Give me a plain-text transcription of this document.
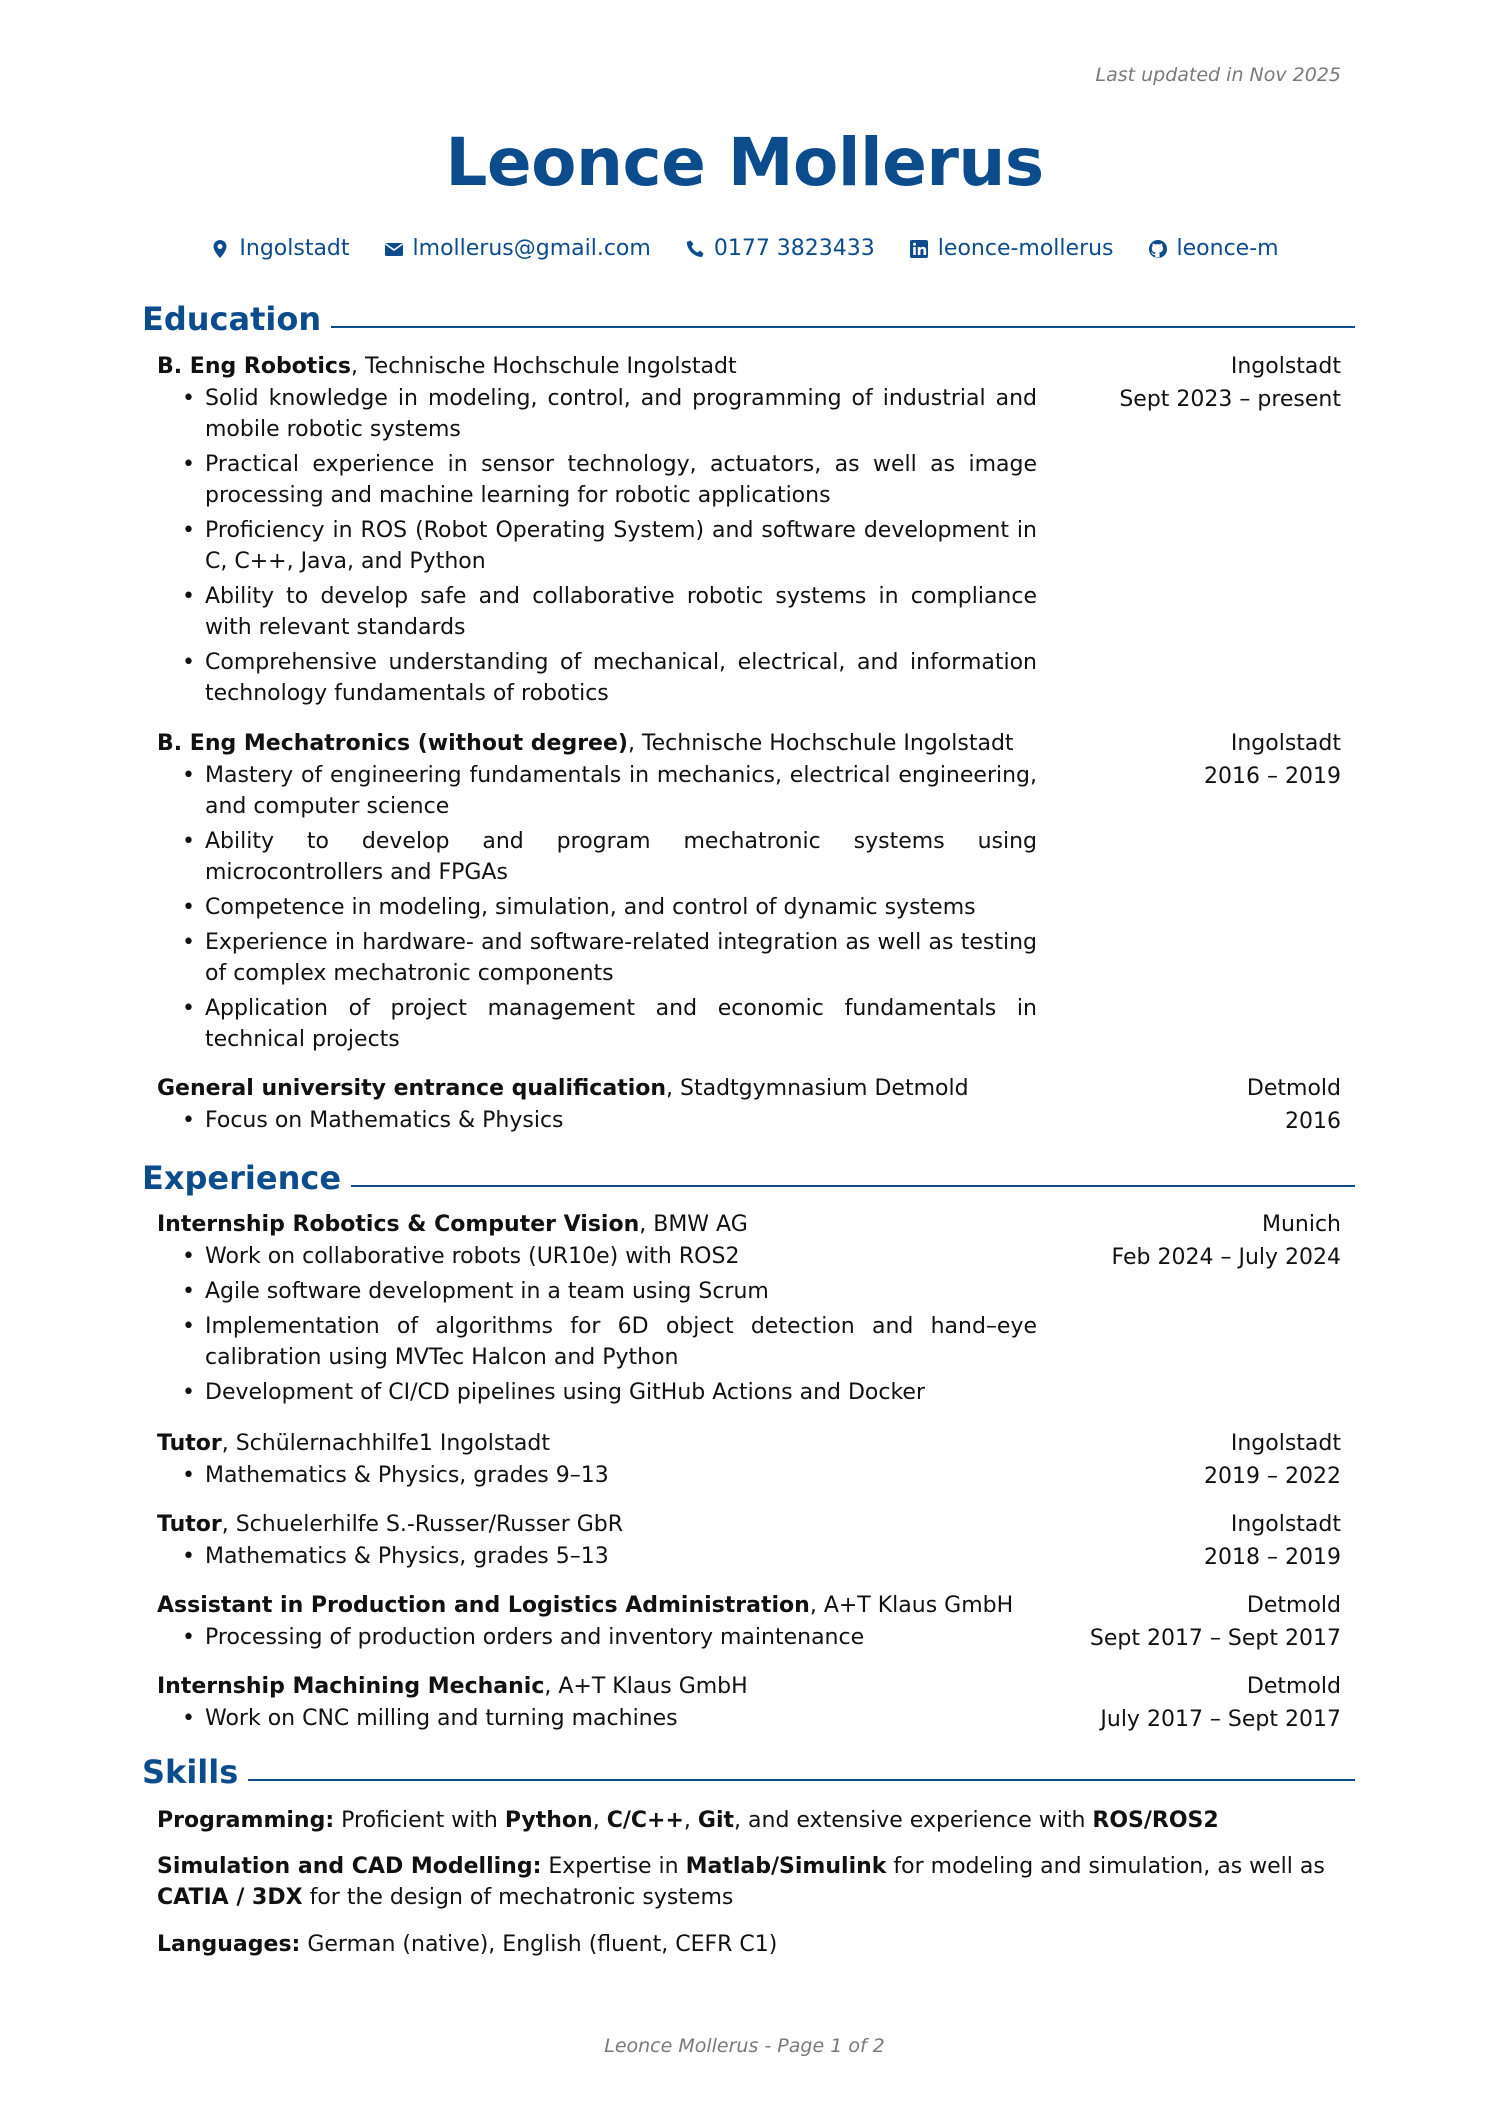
Last updated in Nov 2025
Leonce Mollerus
Ingolstadt	lmollerus@gmail.com	0177 3823433	leonce-mollerus	leonce-m
Education
B. Eng Robotics, Technische Hochschule Ingolstadt	Ingolstadt
Sept 2023 – present
• Solid knowledge in modeling, control, and programming of industrial and mobile robotic systems
• Practical experience in sensor technology, actuators, as well as image processing and machine learning for robotic applications
• Proficiency in ROS (Robot Operating System) and software development in C, C++, Java, and Python
• Ability to develop safe and collaborative robotic systems in compliance with relevant standards
• Comprehensive understanding of mechanical, electrical, and information technology fundamentals of robotics
B. Eng Mechatronics (without degree), Technische Hochschule Ingolstadt	Ingolstadt
2016 – 2019
• Mastery of engineering fundamentals in mechanics, electrical engineering, and computer science
• Ability to develop and program mechatronic systems using microcontrollers and FPGAs
• Competence in modeling, simulation, and control of dynamic systems
• Experience in hardware- and software-related integration as well as testing of complex mechatronic components
• Application of project management and economic fundamentals in technical projects
General university entrance qualification, Stadtgymnasium Detmold	Detmold
2016
• Focus on Mathematics & Physics
Experience
Internship Robotics & Computer Vision, BMW AG	Munich
Feb 2024 – July 2024
• Work on collaborative robots (UR10e) with ROS2
• Agile software development in a team using Scrum
• Implementation of algorithms for 6D object detection and hand–eye calibration using MVTec Halcon and Python
• Development of CI/CD pipelines using GitHub Actions and Docker
Tutor, Schülernachhilfe1 Ingolstadt	Ingolstadt
2019 – 2022
• Mathematics & Physics, grades 9–13
Tutor, Schuelerhilfe S.-Russer/Russer GbR	Ingolstadt
2018 – 2019
• Mathematics & Physics, grades 5–13
Assistant in Production and Logistics Administration, A+T Klaus GmbH	Detmold
Sept 2017 – Sept 2017
• Processing of production orders and inventory maintenance
Internship Machining Mechanic, A+T Klaus GmbH	Detmold
July 2017 – Sept 2017
• Work on CNC milling and turning machines
Skills
Programming: Proficient with Python, C/C++, Git, and extensive experience with ROS/ROS2
Simulation and CAD Modelling: Expertise in Matlab/Simulink for modeling and simulation, as well as CATIA / 3DX for the design of mechatronic systems
Languages: German (native), English (fluent, CEFR C1)
Leonce Mollerus - Page 1 of 2
